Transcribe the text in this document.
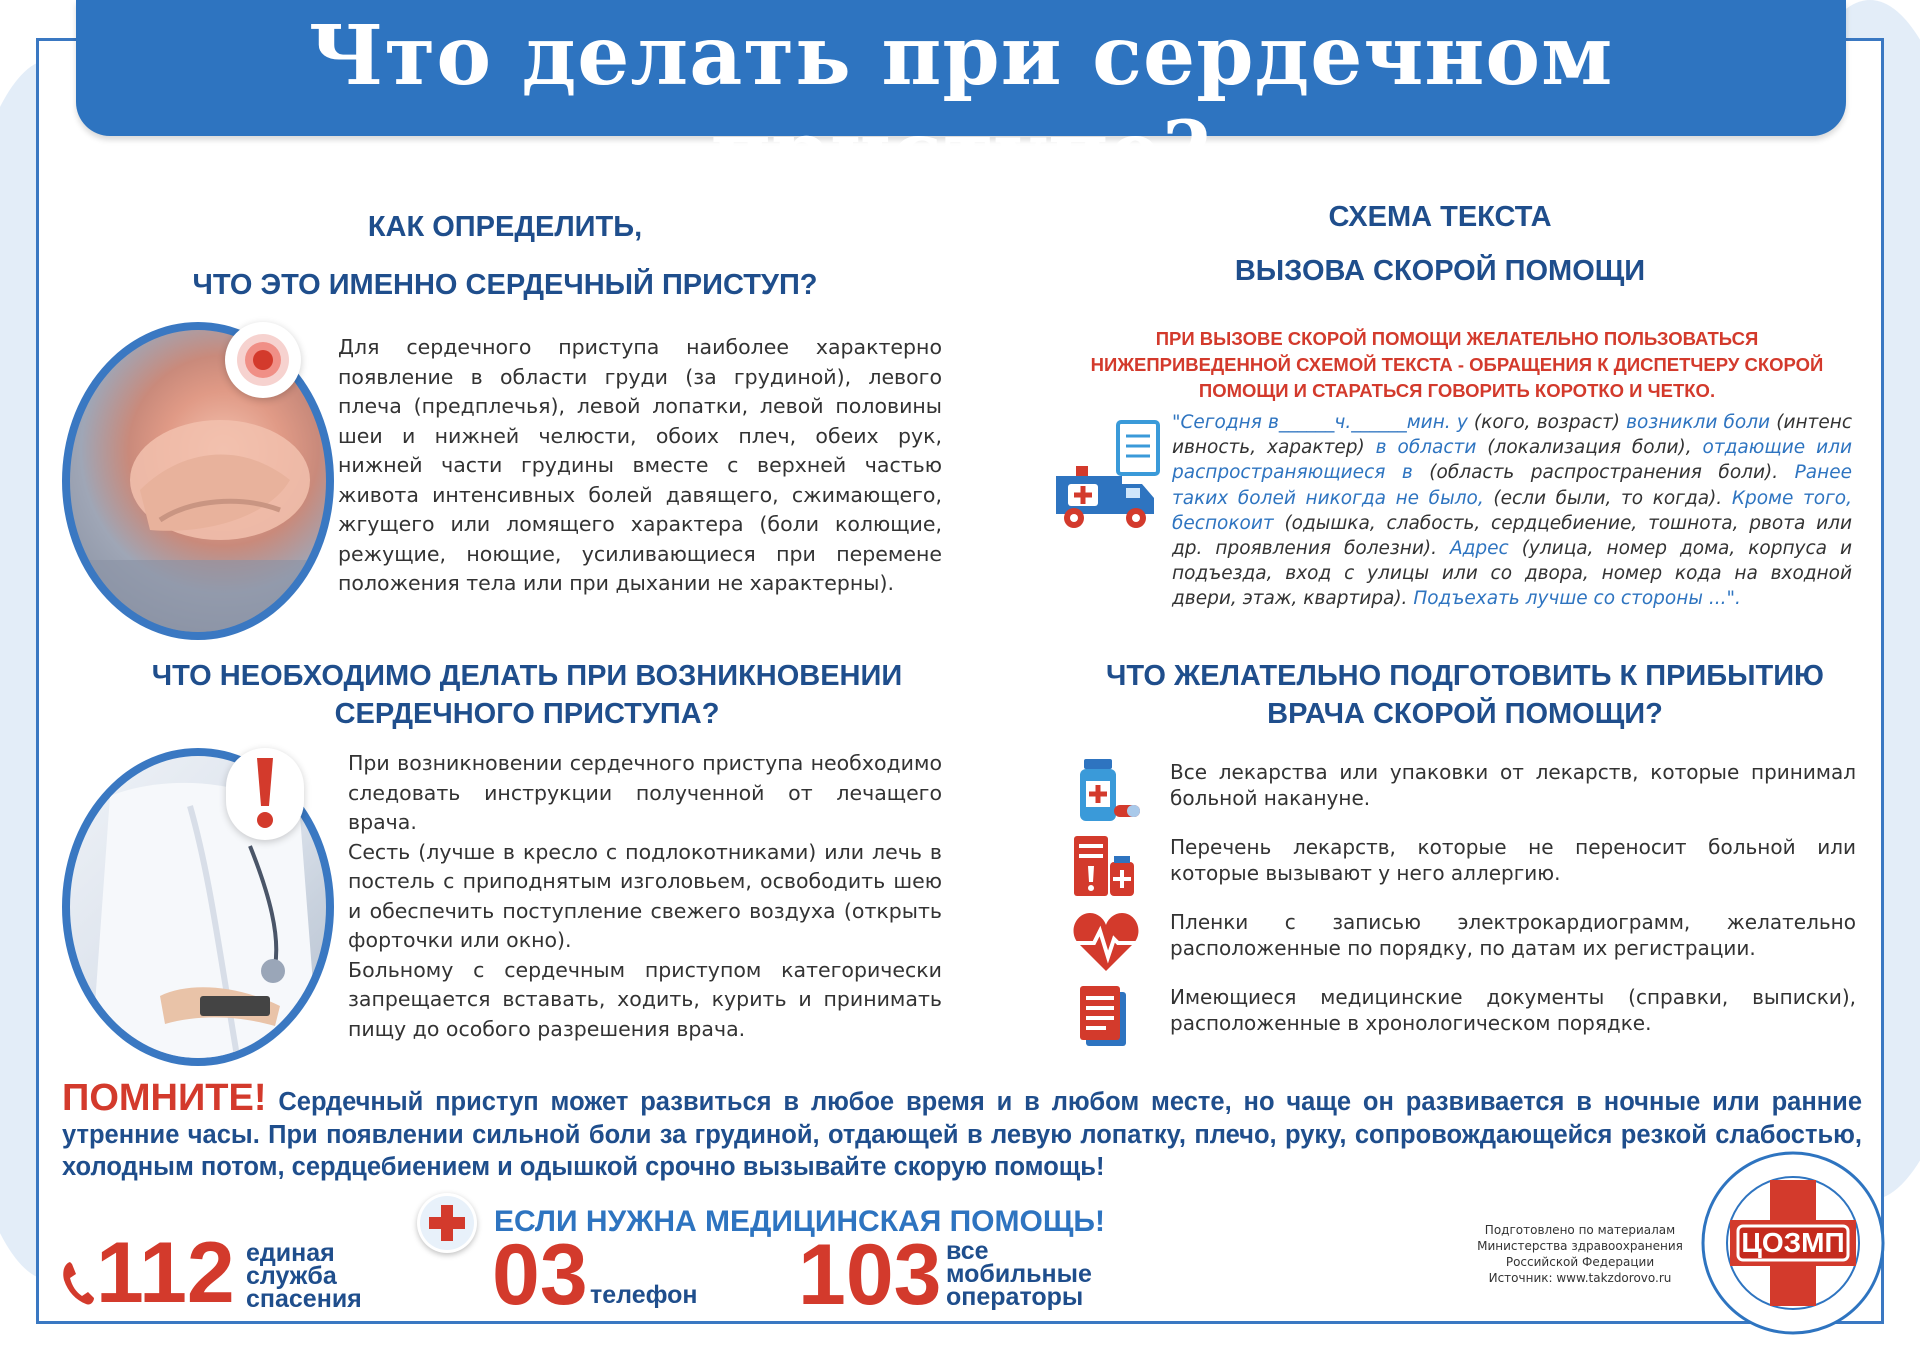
Что делать при сердечном приступе?
КАК ОПРЕДЕЛИТЬ,
ЧТО ЭТО ИМЕННО СЕРДЕЧНЫЙ ПРИСТУП?
Для сердечного приступа наиболее характерно появление в области груди (за грудиной), левого плеча (предплечья), левой лопатки, левой половины шеи и нижней челюсти, обоих плеч, обеих рук, нижней части грудины вместе с верхней частью живота интенсивных болей давящего, сжимающего, жгущего или ломящего характера (боли колющие, режущие, ноющие, усиливающиеся при перемене положения тела или при дыхании не характерны).
СХЕМА ТЕКСТА
ВЫЗОВА СКОРОЙ ПОМОЩИ
ПРИ ВЫЗОВЕ СКОРОЙ ПОМОЩИ ЖЕЛАТЕЛЬНО ПОЛЬЗОВАТЬСЯ НИЖЕПРИВЕДЕННОЙ СХЕМОЙ ТЕКСТА - ОБРАЩЕНИЯ К ДИСПЕТЧЕРУ СКОРОЙ ПОМОЩИ И СТАРАТЬСЯ ГОВОРИТЬ КОРОТКО И ЧЕТКО.
"Сегодня в______ч.______мин. у (кого, возраст) возникли боли (интенс ивность, характер) в области (локализация боли), отдающие или распространяющиеся в (область распространения боли). Ранее таких болей никогда не было, (если были, то когда). Кроме того, беспокоит (одышка, слабость, сердцебиение, тошнота, рвота или др. проявления болезни). Адрес (улица, номер дома, корпуса и подъезда, вход с улицы или со двора, номер кода на входной двери, этаж, квартира). Подъехать лучше со стороны ...".
ЧТО НЕОБХОДИМО ДЕЛАТЬ ПРИ ВОЗНИКНОВЕНИИ
СЕРДЕЧНОГО ПРИСТУПА?
При возникновении сердечного приступа необходимо следовать инструкции полученной от лечащего врача.
Сесть (лучше в кресло с подлокотниками) или лечь в постель с приподнятым изголовьем, освободить шею и обеспечить поступление свежего воздуха (открыть форточки или окно).
Больному с сердечным приступом категорически запрещается вставать, ходить, курить и принимать пищу до особого разрешения врача.
ЧТО ЖЕЛАТЕЛЬНО ПОДГОТОВИТЬ К ПРИБЫТИЮ
ВРАЧА СКОРОЙ ПОМОЩИ?
Все лекарства или упаковки от лекарств, которые принимал больной накануне.
Перечень лекарств, которые не переносит больной или которые вызывают у него аллергию.
Пленки с записью электрокардиограмм, желательно расположенные по порядку, по датам их регистрации.
Имеющиеся медицинские документы (справки, выписки), расположенные в хронологическом порядке.
ПОМНИТЕ! Сердечный приступ может развиться в любое время и в любом месте, но чаще он развивается в ночные или ранние утренние часы. При появлении сильной боли за грудиной, отдающей в левую лопатку, плечо, руку, сопровождающейся резкой слабостью, холодным потом, сердцебиением и одышкой срочно вызывайте скорую помощь!
ЕСЛИ НУЖНА МЕДИЦИНСКАЯ ПОМОЩЬ!
112 единая
служба
спасения 03 телефон 103 все
мобильные
операторы
Подготовлено по материалам
Министерства здравоохранения
Российской Федерации
Источник: www.takzdorovo.ru
ЦОЗМП
